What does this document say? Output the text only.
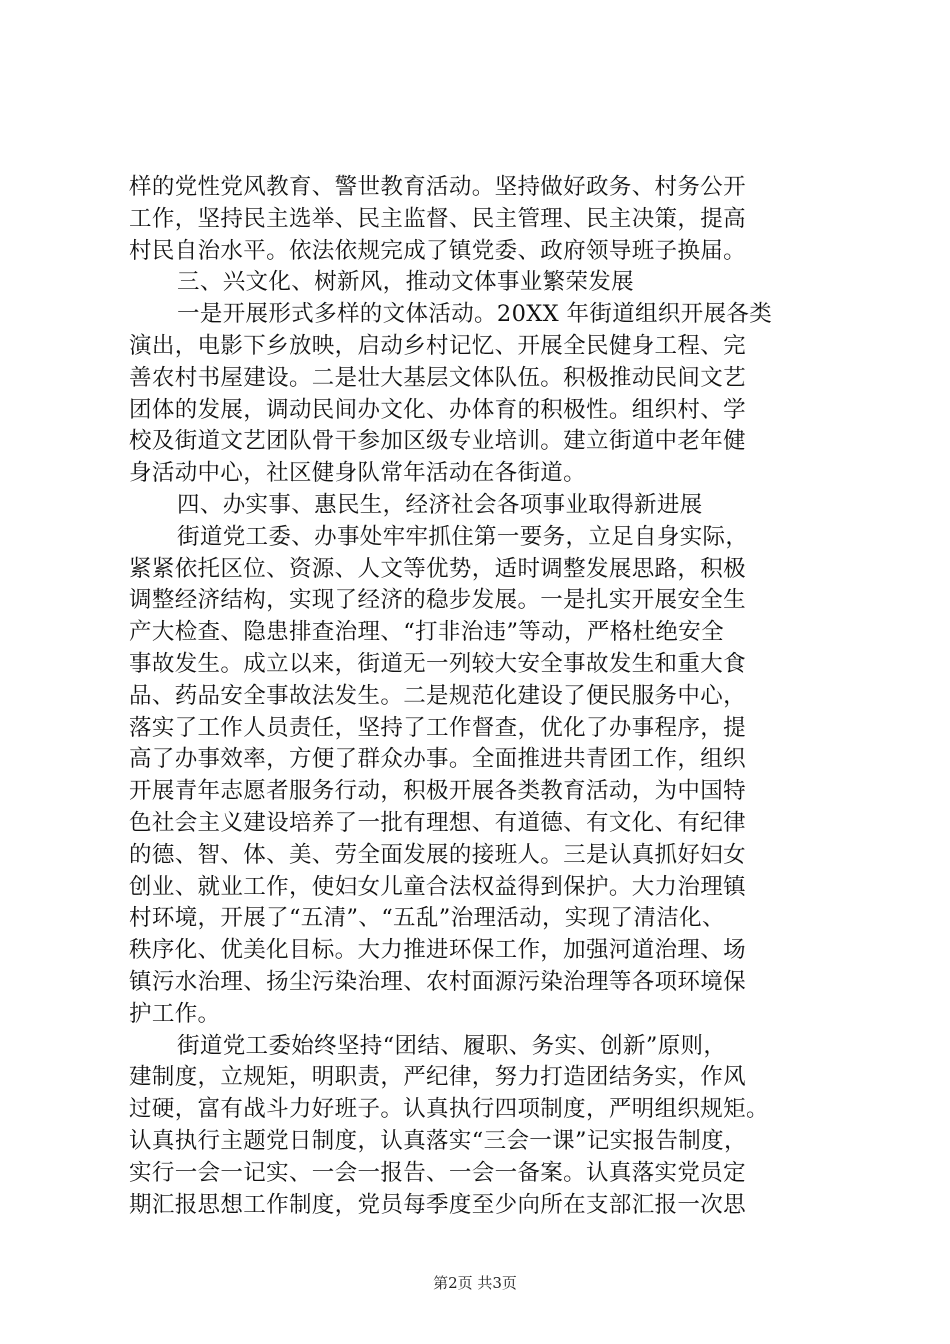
样的党性党风教育、警世教育活动。坚持做好政务、村务公开
工作，坚持民主选举、民主监督、民主管理、民主决策，提高
村民自治水平。依法依规完成了镇党委、政府领导班子换届。
三、兴文化、树新风，推动文体事业繁荣发展
一是开展形式多样的文体活动。20XX 年街道组织开展各类
演出，电影下乡放映，启动乡村记忆、开展全民健身工程、完
善农村书屋建设。二是壮大基层文体队伍。积极推动民间文艺
团体的发展，调动民间办文化、办体育的积极性。组织村、学
校及街道文艺团队骨干参加区级专业培训。建立街道中老年健
身活动中心，社区健身队常年活动在各街道。
四、办实事、惠民生，经济社会各项事业取得新进展
街道党工委、办事处牢牢抓住第一要务，立足自身实际，
紧紧依托区位、资源、人文等优势，适时调整发展思路，积极
调整经济结构，实现了经济的稳步发展。一是扎实开展安全生
产大检查、隐患排查治理、“打非治违”等动，严格杜绝安全
事故发生。成立以来，街道无一列较大安全事故发生和重大食
品、药品安全事故法发生。二是规范化建设了便民服务中心，
落实了工作人员责任，坚持了工作督查，优化了办事程序，提
高了办事效率，方便了群众办事。全面推进共青团工作，组织
开展青年志愿者服务行动，积极开展各类教育活动，为中国特
色社会主义建设培养了一批有理想、有道德、有文化、有纪律
的德、智、体、美、劳全面发展的接班人。三是认真抓好妇女
创业、就业工作，使妇女儿童合法权益得到保护。大力治理镇
村环境，开展了“五清”、“五乱”治理活动，实现了清洁化、
秩序化、优美化目标。大力推进环保工作，加强河道治理、场
镇污水治理、扬尘污染治理、农村面源污染治理等各项环境保
护工作。
街道党工委始终坚持“团结、履职、务实、创新”原则，
建制度，立规矩，明职责，严纪律，努力打造团结务实，作风
过硬，富有战斗力好班子。认真执行四项制度，严明组织规矩。
认真执行主题党日制度，认真落实“三会一课”记实报告制度，
实行一会一记实、一会一报告、一会一备案。认真落实党员定
期汇报思想工作制度，党员每季度至少向所在支部汇报一次思
第2页 共3页
